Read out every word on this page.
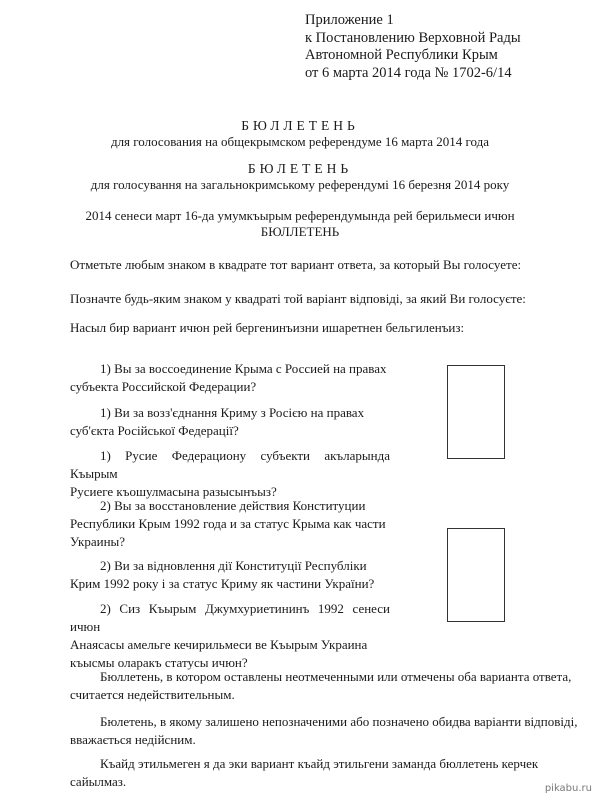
Приложение 1
к Постановлению Верховной Рады
Автономной Республики Крым
от 6 марта 2014 года № 1702-6/14
БЮЛЛЕТЕНЬ
для голосования на общекрымском референдуме 16 марта 2014 года
БЮЛЕТЕНЬ
для голосування на загальнокримському референдумі 16 березня 2014 року
2014 сенеси март 16-да умумкъырым референдумында рей берильмеси ичюн
БЮЛЛЕТЕНЬ
Отметьте любым знаком в квадрате тот вариант ответа, за который Вы голосуете:
Позначте будь-яким знаком у квадраті той варіант відповіді, за який Ви голосуєте:
Насыл бир вариант ичюн рей бергенинъизни ишаретнен бельгиленъиз:
1) Вы за воссоединение Крыма с Россией на правах
субъекта Российской Федерации?
1) Ви за возз'єднання Криму з Росією на правах
суб'єкта Російської Федерації?
1) Русие Федерациону субъекти акъларында Къырым
Русиеге къошулмасына разысынъыз?
2) Вы за восстановление действия Конституции
Республики Крым 1992 года и за статус Крыма как части
Украины?
2) Ви за відновлення дії Конституції Республіки
Крим 1992 року і за статус Криму як частини України?
2) Сиз Къырым Джумхуриетининъ 1992 сенеси ичюн
Анаясасы амельге кечирильмеси ве Къырым Украина
къысмы оларакъ статусы ичюн?
Бюллетень, в котором оставлены неотмеченными или отмечены оба варианта ответа,
считается недействительным.
Бюлетень, в якому залишено непозначеними або позначено обидва варіанти відповіді,
вважається недійсним.
Къайд этильмеген я да эки вариант къайд этильгени заманда бюллетень керчек
сайылмаз.	pikabu.ru
